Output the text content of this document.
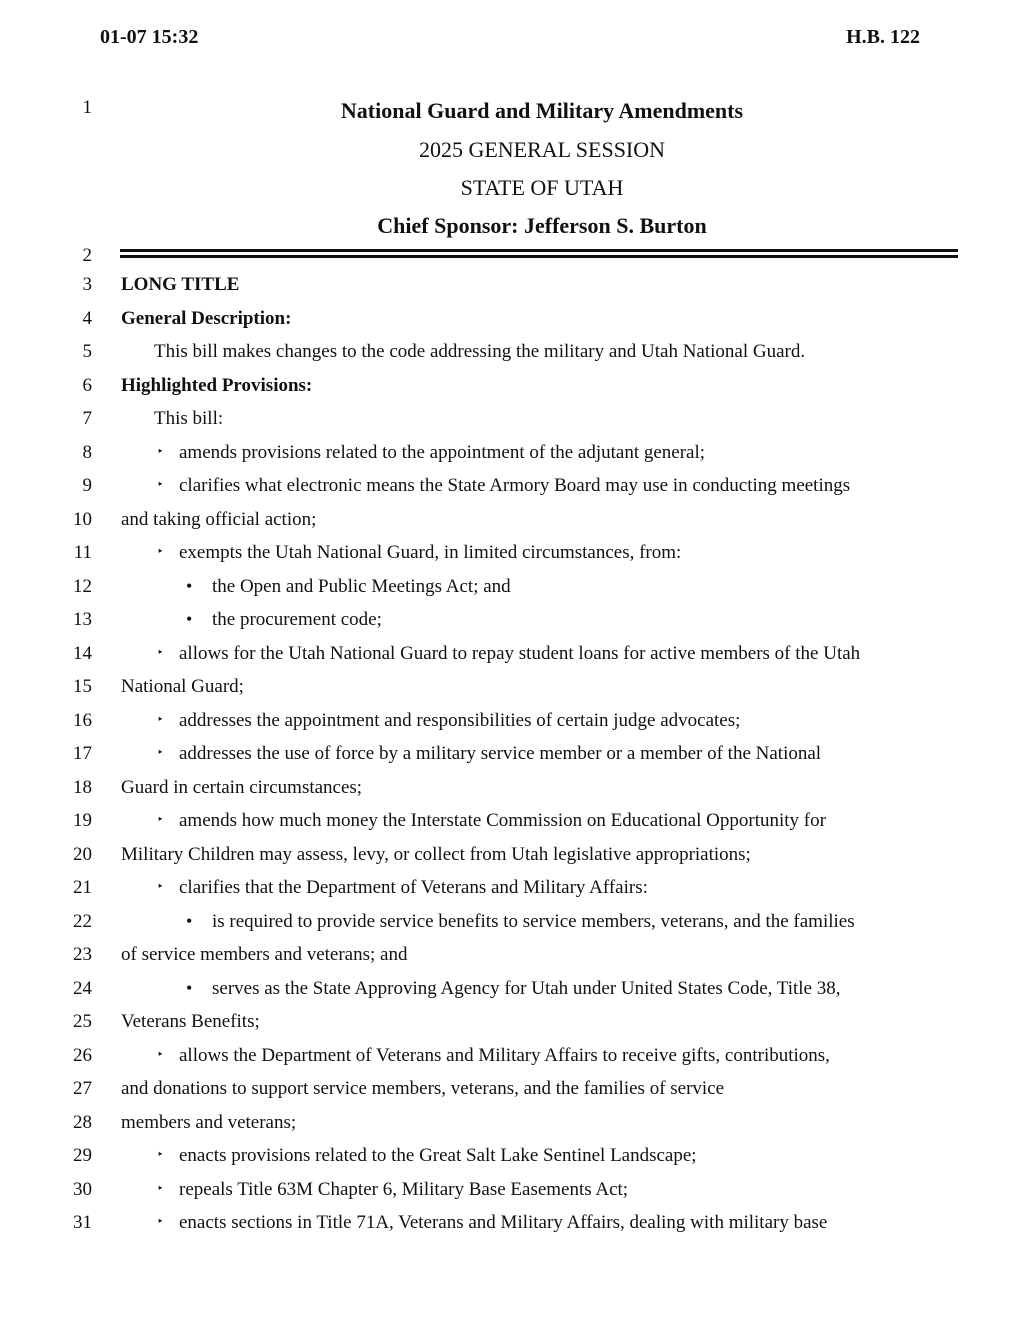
01-07 15:32	H.B. 122
1	National Guard and Military Amendments
2025 GENERAL SESSION
STATE OF UTAH
Chief Sponsor: Jefferson S. Burton
2
3 LONG TITLE
4 General Description:
5	This bill makes changes to the code addressing the military and Utah National Guard.
6 Highlighted Provisions:
7	This bill:
8	‣ amends provisions related to the appointment of the adjutant general;
9	‣ clarifies what electronic means the State Armory Board may use in conducting meetings
10 and taking official action;
11	‣ exempts the Utah National Guard, in limited circumstances, from:
12	• the Open and Public Meetings Act; and
13	• the procurement code;
14	‣ allows for the Utah National Guard to repay student loans for active members of the Utah
15 National Guard;
16	‣ addresses the appointment and responsibilities of certain judge advocates;
17	‣ addresses the use of force by a military service member or a member of the National
18 Guard in certain circumstances;
19	‣ amends how much money the Interstate Commission on Educational Opportunity for
20 Military Children may assess, levy, or collect from Utah legislative appropriations;
21	‣ clarifies that the Department of Veterans and Military Affairs:
22	• is required to provide service benefits to service members, veterans, and the families
23 of service members and veterans; and
24	• serves as the State Approving Agency for Utah under United States Code, Title 38,
25 Veterans Benefits;
26	‣ allows the Department of Veterans and Military Affairs to receive gifts, contributions,
27 and donations to support service members, veterans, and the families of service
28 members and veterans;
29	‣ enacts provisions related to the Great Salt Lake Sentinel Landscape;
30	‣ repeals Title 63M Chapter 6, Military Base Easements Act;
31	‣ enacts sections in Title 71A, Veterans and Military Affairs, dealing with military base
